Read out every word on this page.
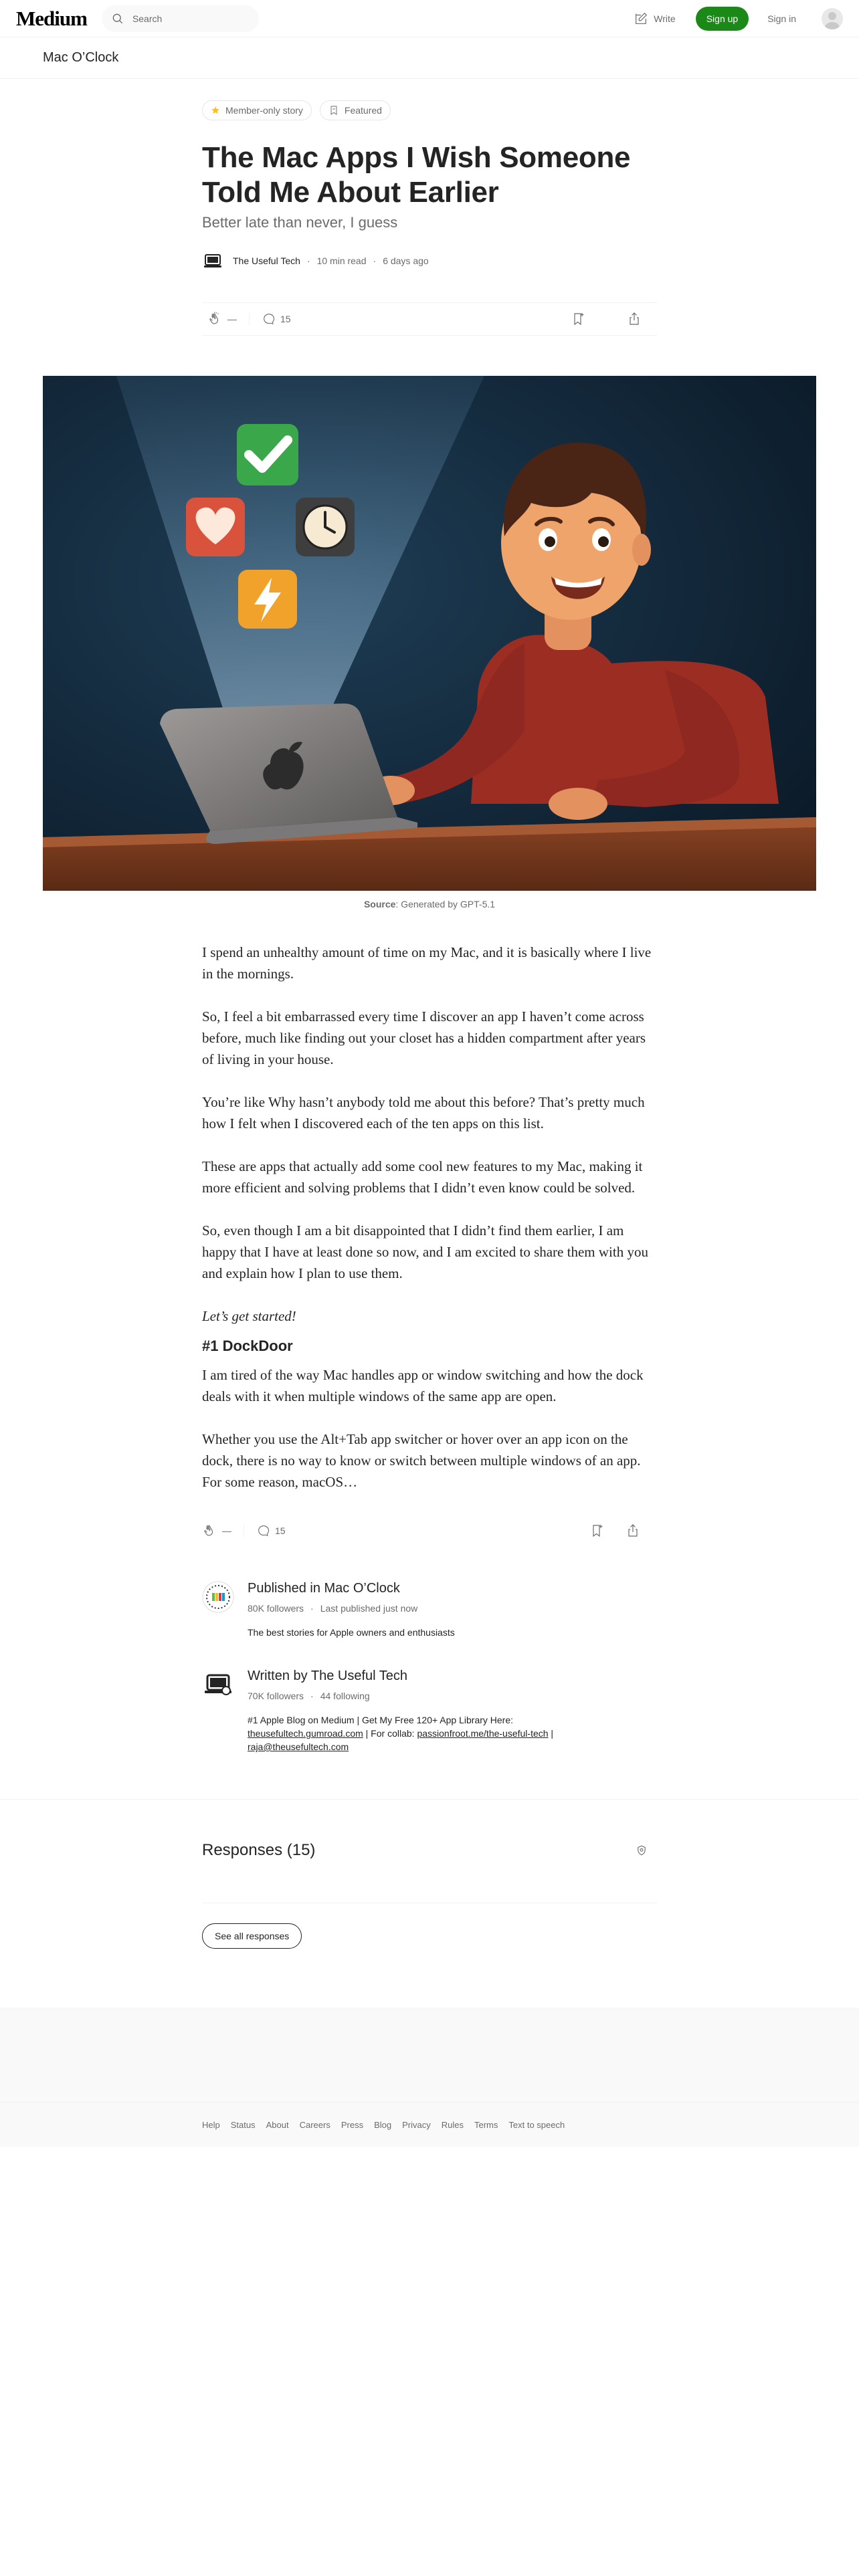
Medium	Search	Write	Sign up	Sign in
Mac O’Clock
Member-only story	Featured
The Mac Apps I Wish Someone Told Me About Earlier
Better late than never, I guess
The Useful Tech · 10 min read · 6 days ago
—	15
Source: Generated by GPT-5.1

I spend an unhealthy amount of time on my Mac, and it is basically where I live in the mornings.

So, I feel a bit embarrassed every time I discover an app I haven’t come across before, much like finding out your closet has a hidden compartment after years of living in your house.

You’re like Why hasn’t anybody told me about this before? That’s pretty much how I felt when I discovered each of the ten apps on this list.

These are apps that actually add some cool new features to my Mac, making it more efficient and solving problems that I didn’t even know could be solved.

So, even though I am a bit disappointed that I didn’t find them earlier, I am happy that I have at least done so now, and I am excited to share them with you and explain how I plan to use them.

Let’s get started!

#1 DockDoor

I am tired of the way Mac handles app or window switching and how the dock deals with it when multiple windows of the same app are open.

Whether you use the Alt+Tab app switcher or hover over an app icon on the dock, there is no way to know or switch between multiple windows of an app. For some reason, macOS…

—	15
Published in Mac O’Clock
80K followers · Last published just now
The best stories for Apple owners and enthusiasts
Written by The Useful Tech
70K followers · 44 following
#1 Apple Blog on Medium | Get My Free 120+ App Library Here: theusefultech.gumroad.com | For collab: passionfroot.me/the-useful-tech | raja@theusefultech.com
Responses (15)
See all responses
Help Status About Careers Press Blog Privacy Rules Terms Text to speech
